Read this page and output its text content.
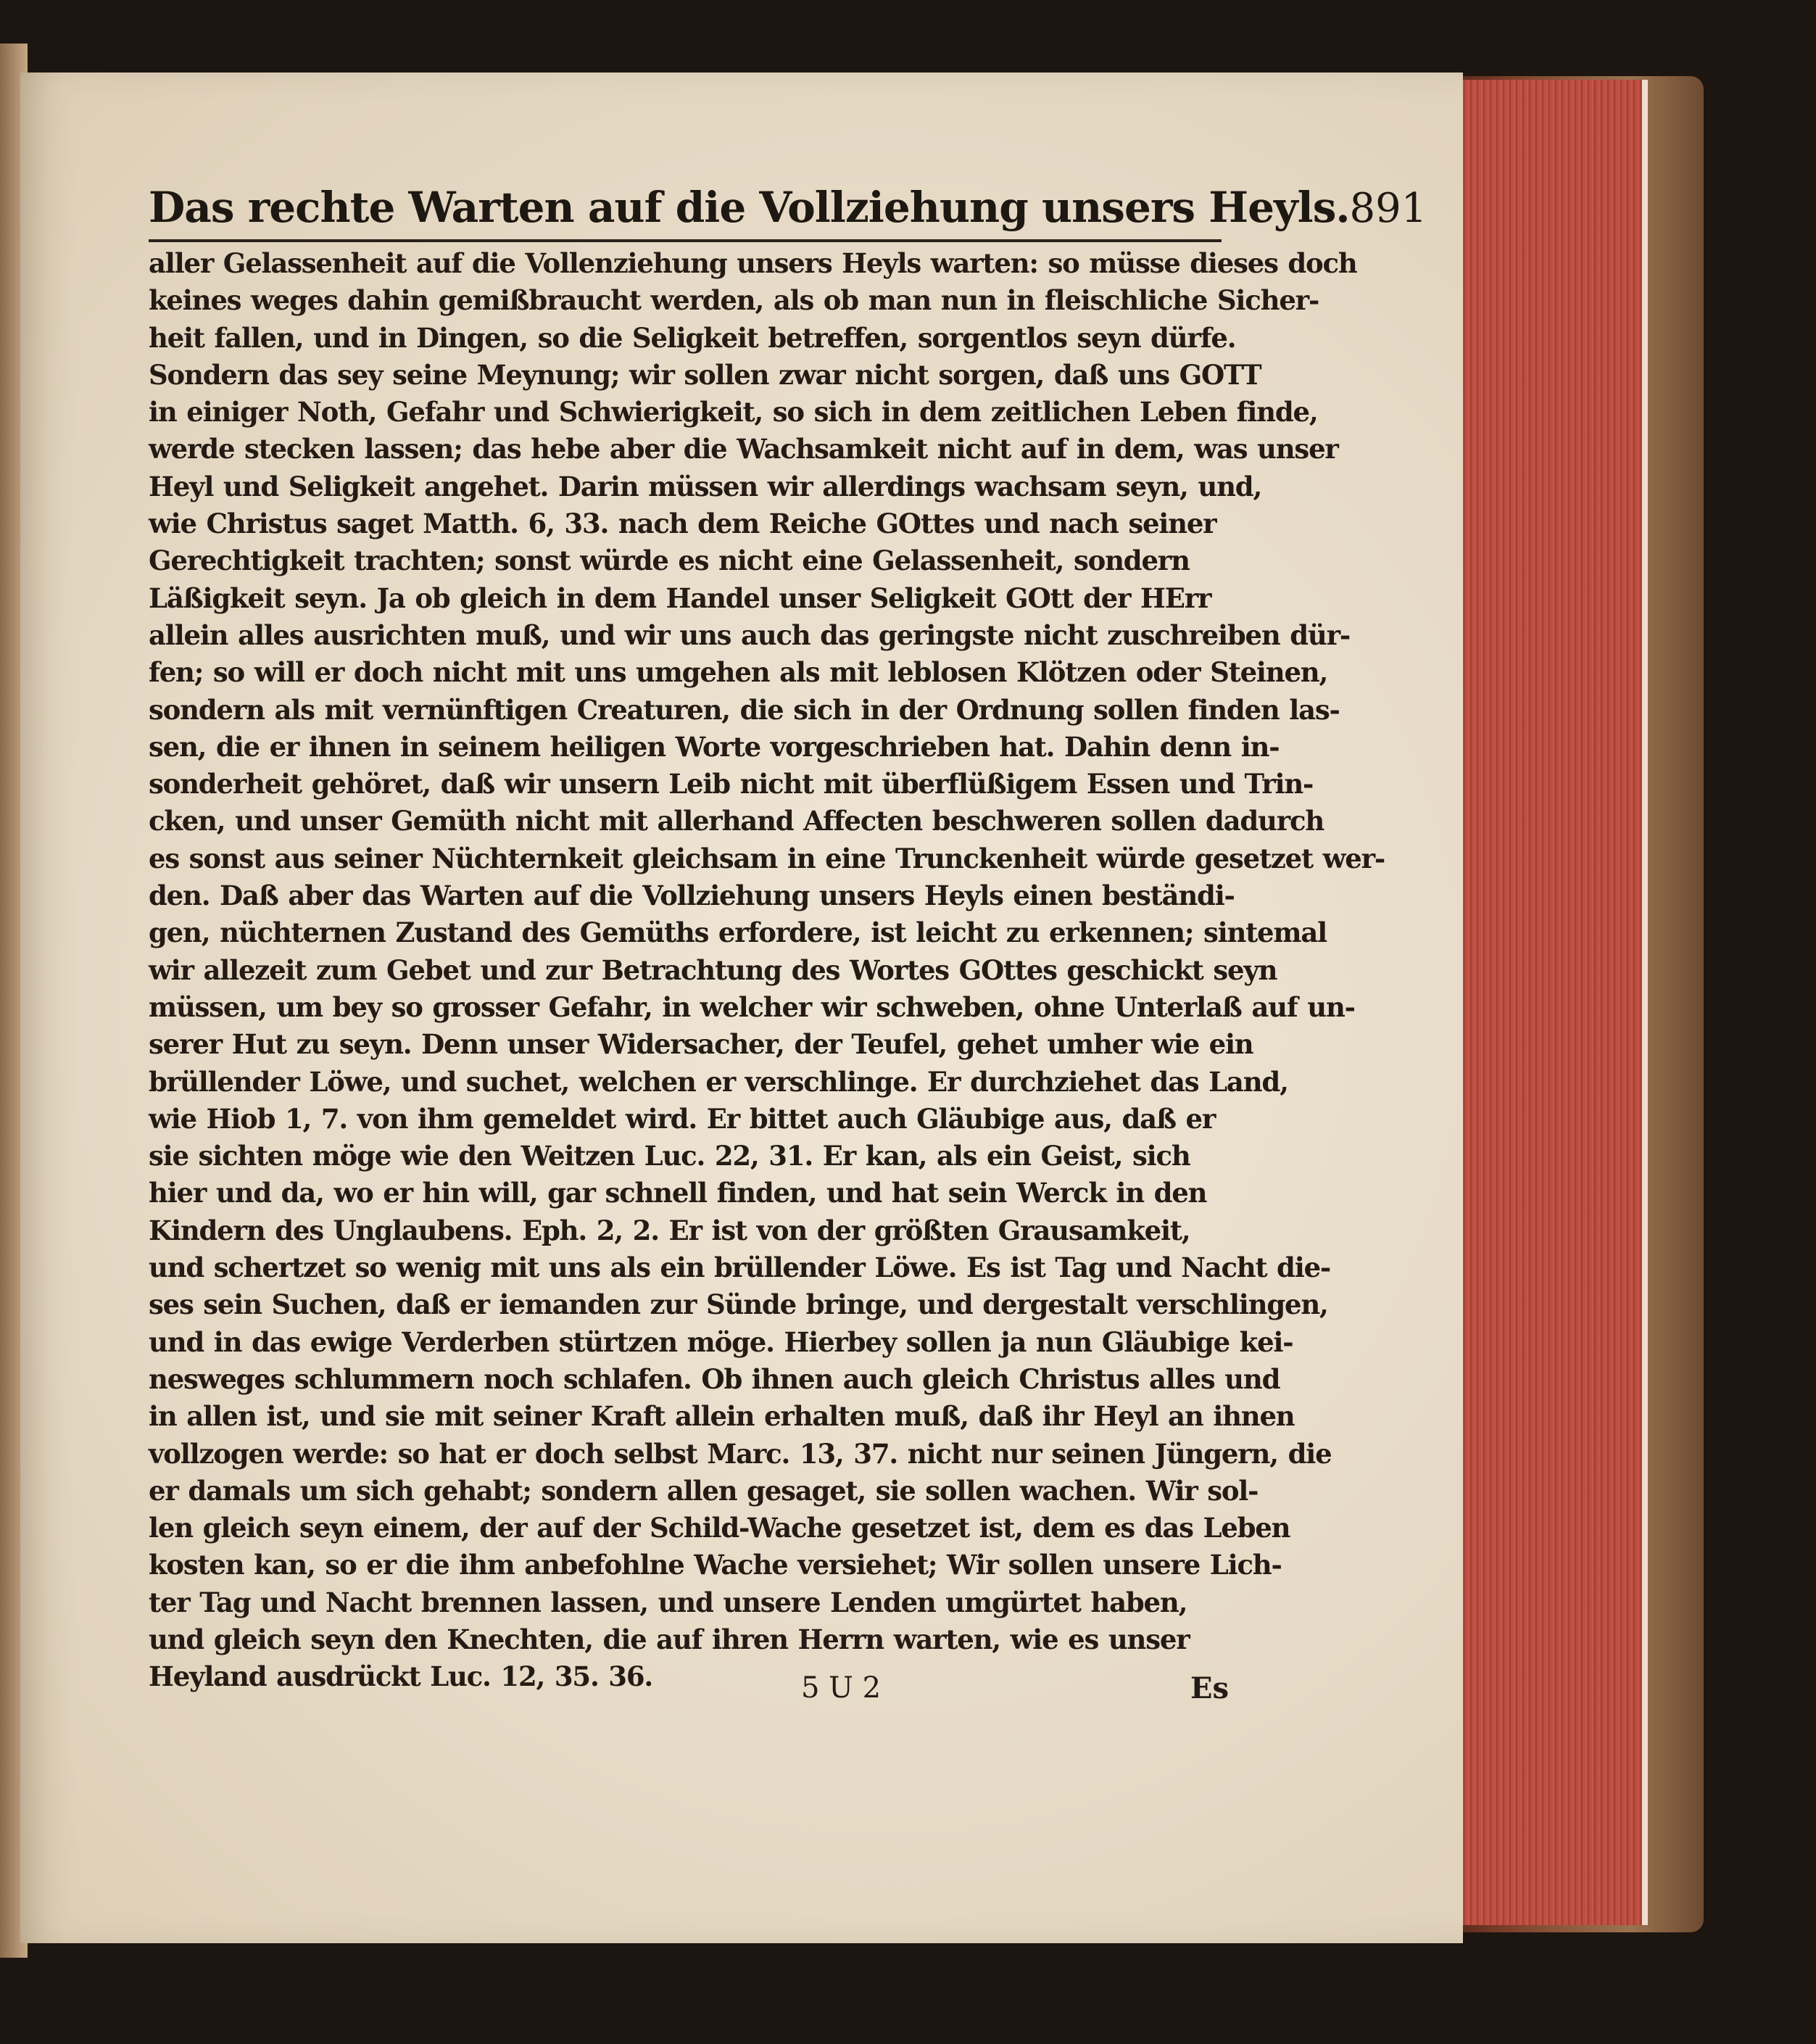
Das rechte Warten auf die Vollziehung unsers Heyls. 891
aller Gelassenheit auf die Vollenziehung unsers Heyls warten: so müsse dieses doch
keines weges dahin gemißbraucht werden, als ob man nun in fleischliche Sicher-
heit fallen, und in Dingen, so die Seligkeit betreffen, sorgentlos seyn dürfe.
Sondern das sey seine Meynung; wir sollen zwar nicht sorgen, daß uns GOTT
in einiger Noth, Gefahr und Schwierigkeit, so sich in dem zeitlichen Leben finde,
werde stecken lassen; das hebe aber die Wachsamkeit nicht auf in dem, was unser
Heyl und Seligkeit angehet. Darin müssen wir allerdings wachsam seyn, und,
wie Christus saget Matth. 6, 33. nach dem Reiche GOttes und nach seiner
Gerechtigkeit trachten; sonst würde es nicht eine Gelassenheit, sondern
Läßigkeit seyn. Ja ob gleich in dem Handel unser Seligkeit GOtt der HErr
allein alles ausrichten muß, und wir uns auch das geringste nicht zuschreiben dür-
fen; so will er doch nicht mit uns umgehen als mit leblosen Klötzen oder Steinen,
sondern als mit vernünftigen Creaturen, die sich in der Ordnung sollen finden las-
sen, die er ihnen in seinem heiligen Worte vorgeschrieben hat. Dahin denn in-
sonderheit gehöret, daß wir unsern Leib nicht mit überflüßigem Essen und Trin-
cken, und unser Gemüth nicht mit allerhand Affecten beschweren sollen dadurch
es sonst aus seiner Nüchternkeit gleichsam in eine Trunckenheit würde gesetzet wer-
den. Daß aber das Warten auf die Vollziehung unsers Heyls einen beständi-
gen, nüchternen Zustand des Gemüths erfordere, ist leicht zu erkennen; sintemal
wir allezeit zum Gebet und zur Betrachtung des Wortes GOttes geschickt seyn
müssen, um bey so grosser Gefahr, in welcher wir schweben, ohne Unterlaß auf un-
serer Hut zu seyn. Denn unser Widersacher, der Teufel, gehet umher wie ein
brüllender Löwe, und suchet, welchen er verschlinge. Er durchziehet das Land,
wie Hiob 1, 7. von ihm gemeldet wird. Er bittet auch Gläubige aus, daß er
sie sichten möge wie den Weitzen Luc. 22, 31. Er kan, als ein Geist, sich
hier und da, wo er hin will, gar schnell finden, und hat sein Werck in den
Kindern des Unglaubens. Eph. 2, 2. Er ist von der größten Grausamkeit,
und schertzet so wenig mit uns als ein brüllender Löwe. Es ist Tag und Nacht die-
ses sein Suchen, daß er iemanden zur Sünde bringe, und dergestalt verschlingen,
und in das ewige Verderben stürtzen möge. Hierbey sollen ja nun Gläubige kei-
nesweges schlummern noch schlafen. Ob ihnen auch gleich Christus alles und
in allen ist, und sie mit seiner Kraft allein erhalten muß, daß ihr Heyl an ihnen
vollzogen werde: so hat er doch selbst Marc. 13, 37. nicht nur seinen Jüngern, die
er damals um sich gehabt; sondern allen gesaget, sie sollen wachen. Wir sol-
len gleich seyn einem, der auf der Schild-Wache gesetzet ist, dem es das Leben
kosten kan, so er die ihm anbefohlne Wache versiehet; Wir sollen unsere Lich-
ter Tag und Nacht brennen lassen, und unsere Lenden umgürtet haben,
und gleich seyn den Knechten, die auf ihren Herrn warten, wie es unser
Heyland ausdrückt Luc. 12, 35. 36.	5 U 2	Es
